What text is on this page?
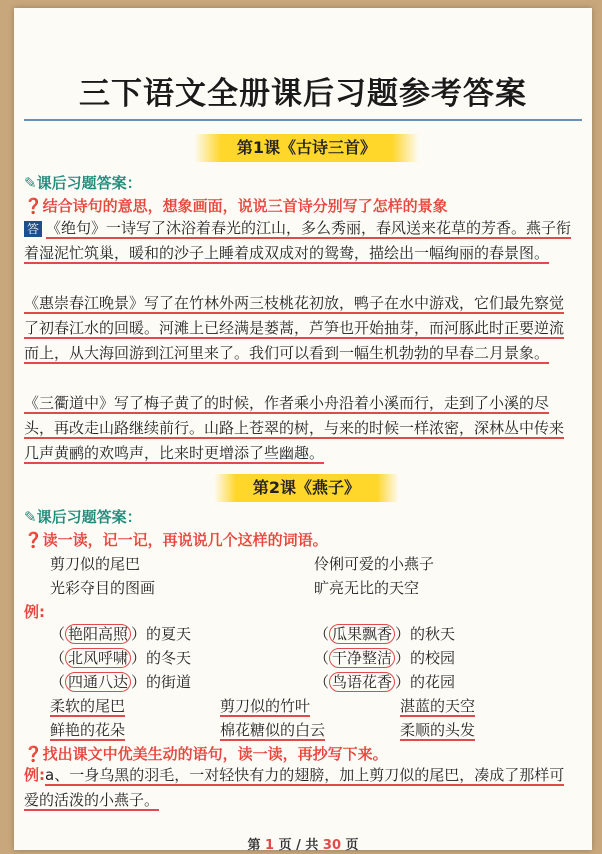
三下语文全册课后习题参考答案
第1课《古诗三首》
✎课后习题答案：
❓结合诗句的意思，想象画面，说说三首诗分别写了怎样的景象
答 《绝句》一诗写了沐浴着春光的江山，多么秀丽，春风送来花草的芳香。燕子衔着湿泥忙筑巢，暖和的沙子上睡着成双成对的鸳鸯，描绘出一幅绚丽的春景图。
《惠崇春江晚景》写了在竹林外两三枝桃花初放，鸭子在水中游戏，它们最先察觉了初春江水的回暖。河滩上已经满是蒌蒿，芦笋也开始抽芽，而河豚此时正要逆流而上，从大海回游到江河里来了。我们可以看到一幅生机勃勃的早春二月景象。
《三衢道中》写了梅子黄了的时候，作者乘小舟沿着小溪而行，走到了小溪的尽头，再改走山路继续前行。山路上苍翠的树，与来的时候一样浓密，深林丛中传来几声黄鹂的欢鸣声，比来时更增添了些幽趣。
第2课《燕子》
✎课后习题答案：
❓读一读，记一记，再说说几个这样的词语。
剪刀似的尾巴	伶俐可爱的小燕子
光彩夺目的图画	旷亮无比的天空
例:
（ 艳阳高照 ）的夏天	（ 瓜果飘香 ）的秋天
（ 北风呼啸 ）的冬天	（ 干净整洁 ）的校园
（ 四通八达 ）的街道	（ 鸟语花香 ）的花园
柔软的尾巴	剪刀似的竹叶	湛蓝的天空
鲜艳的花朵	棉花糖似的白云	柔顺的头发
❓找出课文中优美生动的语句，读一读，再抄写下来。
例:a、一身乌黑的羽毛，一对轻快有力的翅膀，加上剪刀似的尾巴，凑成了那样可爱的活泼的小燕子。
第 1 页 / 共 30 页
